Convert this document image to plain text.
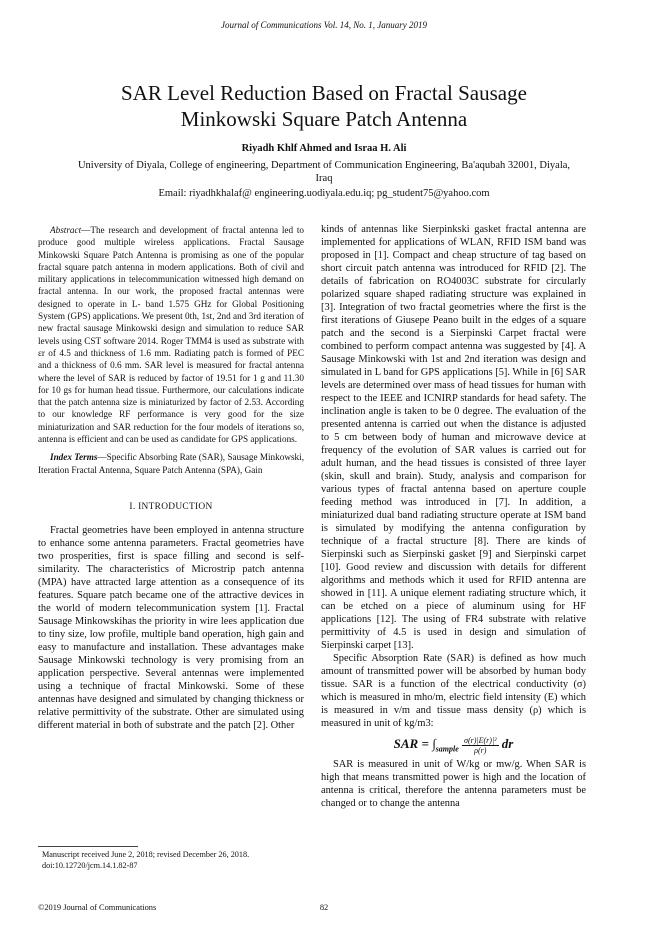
Journal of Communications Vol. 14, No. 1, January 2019
SAR Level Reduction Based on Fractal Sausage
Minkowski Square Patch Antenna
Riyadh Khlf Ahmed and Israa H. Ali
University of Diyala, College of engineering, Department of Communication Engineering, Ba'aqubah 32001, Diyala,
Iraq
Email: riyadhkhalaf@ engineering.uodiyala.edu.iq; pg_student75@yahoo.com

Abstract—The research and development of fractal antenna led to produce good multiple wireless applications. Fractal Sausage Minkowski Square Patch Antenna is promising as one of the popular fractal square patch antenna in modern applications. Both of civil and military applications in telecommunication witnessed high demand on fractal antenna. In our work, the proposed fractal antennas were designed to operate in L- band 1.575 GHz for Global Positioning System (GPS) applications. We present 0th, 1st, 2nd and 3rd iteration of new fractal sausage Minkowski design and simulation to reduce SAR levels using CST software 2014. Roger TMM4 is used as substrate with εr of 4.5 and thickness of 1.6 mm. Radiating patch is formed of PEC and a thickness of 0.6 mm. SAR level is measured for fractal antenna where the level of SAR is reduced by factor of 19.51 for 1 g and 11.30 for 10 gs for human head tissue. Furthermore, our calculations indicate that the patch antenna size is miniaturized by factor of 2.53. According to our knowledge RF performance is very good for the size miniaturization and SAR reduction for the four models of iterations so, antenna is efficient and can be used as candidate for GPS applications.

Index Terms—Specific Absorbing Rate (SAR), Sausage Minkowski, Iteration Fractal Antenna, Square Patch Antenna (SPA), Gain

I. INTRODUCTION

Fractal geometries have been employed in antenna structure to enhance some antenna parameters. Fractal geometries have two prosperities, first is space filling and second is self-similarity. The characteristics of Microstrip patch antenna (MPA) have attracted large attention as a consequence of its features. Square patch became one of the attractive devices in the world of modern telecommunication system [1]. Fractal Sausage Minkowskihas the priority in wire lees application due to tiny size, low profile, multiple band operation, high gain and easy to manufacture and installation. These advantages make Sausage Minkowski technology is very promising from an application perspective. Several antennas were implemented using a technique of fractal Minkowski. Some of these antennas have designed and simulated by changing thickness or relative permittivity of the substrate. Other are simulated using different material in both of substrate and the patch [2]. Other

kinds of antennas like Sierpinkski gasket fractal antenna are implemented for applications of WLAN, RFID ISM band was proposed in [1]. Compact and cheap structure of tag based on short circuit patch antenna was introduced for RFID [2]. The details of fabrication on RO4003C substrate for circularly polarized square shaped radiating structure was explained in [3]. Integration of two fractal geometries where the first is the first iterations of Giusepe Peano built in the edges of a square patch and the second is a Sierpinski Carpet fractal were combined to perform compact antenna was suggested by [4]. A Sausage Minkowski with 1st and 2nd iteration was design and simulated in L band for GPS applications [5]. While in [6] SAR levels are determined over mass of head tissues for human with respect to the IEEE and ICNIRP standards for head safety. The inclination angle is taken to be 0 degree. The evaluation of the presented antenna is carried out when the distance is adjusted to 5 cm between body of human and microwave device at frequency of the evolution of SAR values is carried out for adult human, and the head tissues is consisted of three layer (skin, skull and brain). Study, analysis and comparison for various types of fractal antenna based on aperture couple feeding method was introduced in [7]. In addition, a miniaturized dual band radiating structure operate at ISM band is simulated by modifying the antenna configuration by technique of a fractal structure [8]. There are kinds of Sierpinski such as Sierpinski gasket [9] and Sierpinski carpet [10]. Good review and discussion with details for different algorithms and methods which it used for RFID antenna are showed in [11]. A unique element radiating structure which, it can be etched on a piece of aluminum using for HF applications [12]. The using of FR4 substrate with relative permittivity of 4.5 is used in design and simulation of Sierpinski carpet [13].

Specific Absorption Rate (SAR) is defined as how much amount of transmitted power will be absorbed by human body tissue. SAR is a function of the electrical conductivity (σ) which is measured in mho/m, electric field intensity (E) which is measured in v/m and tissue mass density (ρ) which is measured in unit of kg/m3:

SAR = $\int_{sample} \frac{\text{σ(r)|E(r)|²}}{\rho(r)}$ dr

SAR is measured in unit of W/kg or mw/g. When SAR is high that means transmitted power is high and the location of antenna is critical, therefore the antenna parameters must be changed or to change the antenna

Manuscript received June 2, 2018; revised December 26, 2018.
doi:10.12720/jcm.14.1.82-87
©2019 Journal of Communications	82
